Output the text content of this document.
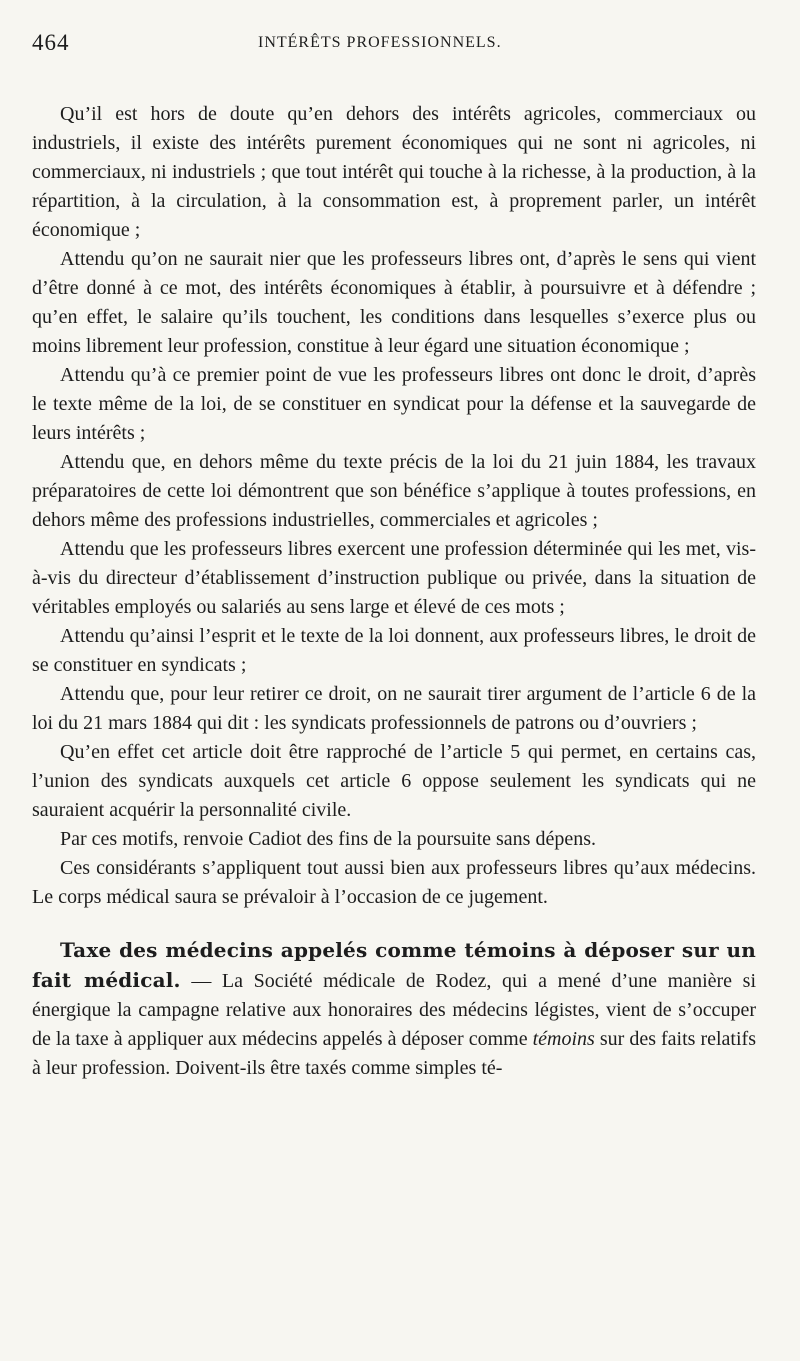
464	INTÉRÊTS PROFESSIONNELS.

Qu’il est hors de doute qu’en dehors des intérêts agricoles, commerciaux ou industriels, il existe des intérêts purement économiques qui ne sont ni agricoles, ni commerciaux, ni industriels ; que tout intérêt qui touche à la richesse, à la production, à la répartition, à la circulation, à la consommation est, à proprement parler, un intérêt économique ;

Attendu qu’on ne saurait nier que les professeurs libres ont, d’après le sens qui vient d’être donné à ce mot, des intérêts économiques à établir, à poursuivre et à défendre ; qu’en effet, le salaire qu’ils touchent, les conditions dans lesquelles s’exerce plus ou moins librement leur profession, constitue à leur égard une situation économique ;

Attendu qu’à ce premier point de vue les professeurs libres ont donc le droit, d’après le texte même de la loi, de se constituer en syndicat pour la défense et la sauvegarde de leurs intérêts ;

Attendu que, en dehors même du texte précis de la loi du 21 juin 1884, les travaux préparatoires de cette loi démontrent que son bénéfice s’applique à toutes professions, en dehors même des professions industrielles, commerciales et agricoles ;

Attendu que les professeurs libres exercent une profession déterminée qui les met, vis-à-vis du directeur d’établissement d’instruction publique ou privée, dans la situation de véritables employés ou salariés au sens large et élevé de ces mots ;

Attendu qu’ainsi l’esprit et le texte de la loi donnent, aux professeurs libres, le droit de se constituer en syndicats ;

Attendu que, pour leur retirer ce droit, on ne saurait tirer argument de l’article 6 de la loi du 21 mars 1884 qui dit : les syndicats professionnels de patrons ou d’ouvriers ;

Qu’en effet cet article doit être rapproché de l’article 5 qui permet, en certains cas, l’union des syndicats auxquels cet article 6 oppose seulement les syndicats qui ne sauraient acquérir la personnalité civile.

Par ces motifs, renvoie Cadiot des fins de la poursuite sans dépens.

Ces considérants s’appliquent tout aussi bien aux professeurs libres qu’aux médecins. Le corps médical saura se prévaloir à l’occasion de ce jugement.

Taxe des médecins appelés comme témoins à déposer sur un fait médical. — La Société médicale de Rodez, qui a mené d’une manière si énergique la campagne relative aux honoraires des médecins légistes, vient de s’occuper de la taxe à appliquer aux médecins appelés à déposer comme témoins sur des faits relatifs à leur profession. Doivent-ils être taxés comme simples té-
